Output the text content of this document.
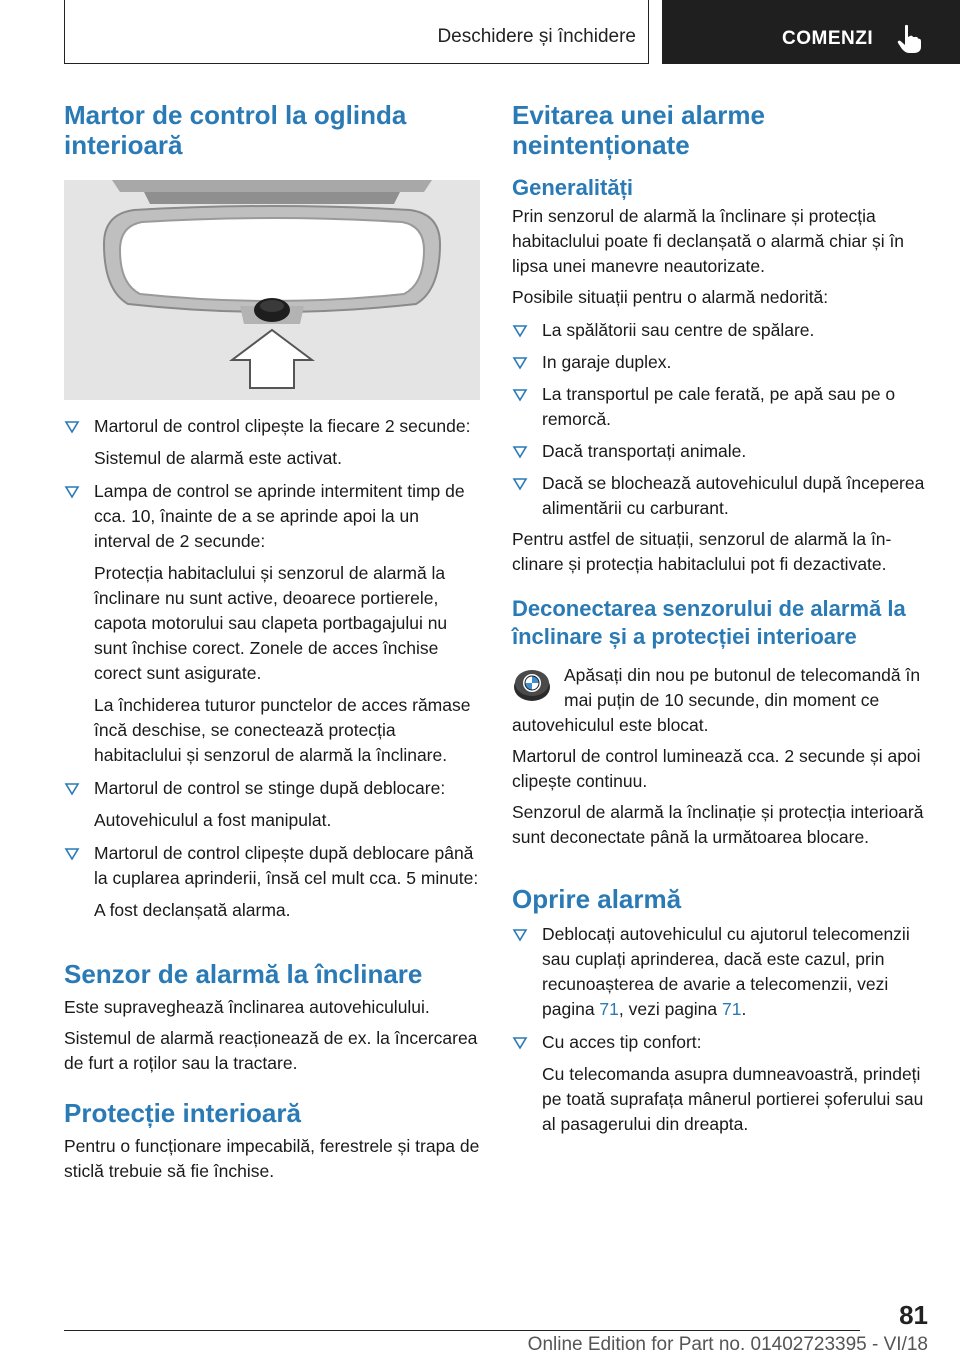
Deschidere și închidere	COMENZI
Martor de control la oglinda interioară
Martorul de control clipește la fiecare 2 secunde:

Sistemul de alarmă este activat.

Lampa de control se aprinde intermitent timp de cca. 10, înainte de a se aprinde apoi la un interval de 2 secunde:

Protecția habitaclului și senzorul de alarmă la înclinare nu sunt active, deoarece portierele, capota motorului sau clapeta portbagajului nu sunt închise corect. Zonele de acces închise corect sunt asigurate.

La închiderea tuturor punctelor de acces rămase încă deschise, se conectează protecția habitaclului și senzorul de alarmă la înclinare.

Martorul de control se stinge după deblocare:

Autovehiculul a fost manipulat.

Martorul de control clipește după deblocare până la cuplarea aprinderii, însă cel mult cca. 5 minute:

A fost declanșată alarma.

Senzor de alarmă la înclinare

Este supraveghează înclinarea autovehiculului.

Sistemul de alarmă reacționează de ex. la încercarea de furt a roților sau la tractare.

Protecție interioară

Pentru o funcționare impecabilă, ferestrele și trapa de sticlă trebuie să fie închise.

Evitarea unei alarme neintenționate
Generalități

Prin senzorul de alarmă la înclinare și protecția habitaclului poate fi declanșată o alarmă chiar și în lipsa unei manevre neautorizate.

Posibile situații pentru o alarmă nedorită:

La spălătorii sau centre de spălare.
In garaje duplex.
La transportul pe cale ferată, pe apă sau pe o remorcă.
Dacă transportați animale.
Dacă se blochează autovehiculul după începerea alimentării cu carburant.

Pentru astfel de situații, senzorul de alarmă la înclinare și protecția habitaclului pot fi dezactivate.

Deconectarea senzorului de alarmă la înclinare și a protecției interioare

Apăsați din nou pe butonul de telecomandă în mai puțin de 10 secunde, din moment ce autovehiculul este blocat.

Martorul de control luminează cca. 2 secunde și apoi clipește continuu.

Senzorul de alarmă la înclinație și protecția interioară sunt deconectate până la următoarea blocare.

Oprire alarmă
Deblocați autovehiculul cu ajutorul telecomenzii sau cuplați aprinderea, dacă este cazul, prin recunoașterea de avarie a telecomenzii, vezi pagina 71, vezi pagina 71.
Cu acces tip confort:

Cu telecomanda asupra dumneavoastră, prindeți pe toată suprafața mânerul portierei șoferului sau al pasagerului din dreapta.

81
Online Edition for Part no. 01402723395 - VI/18
